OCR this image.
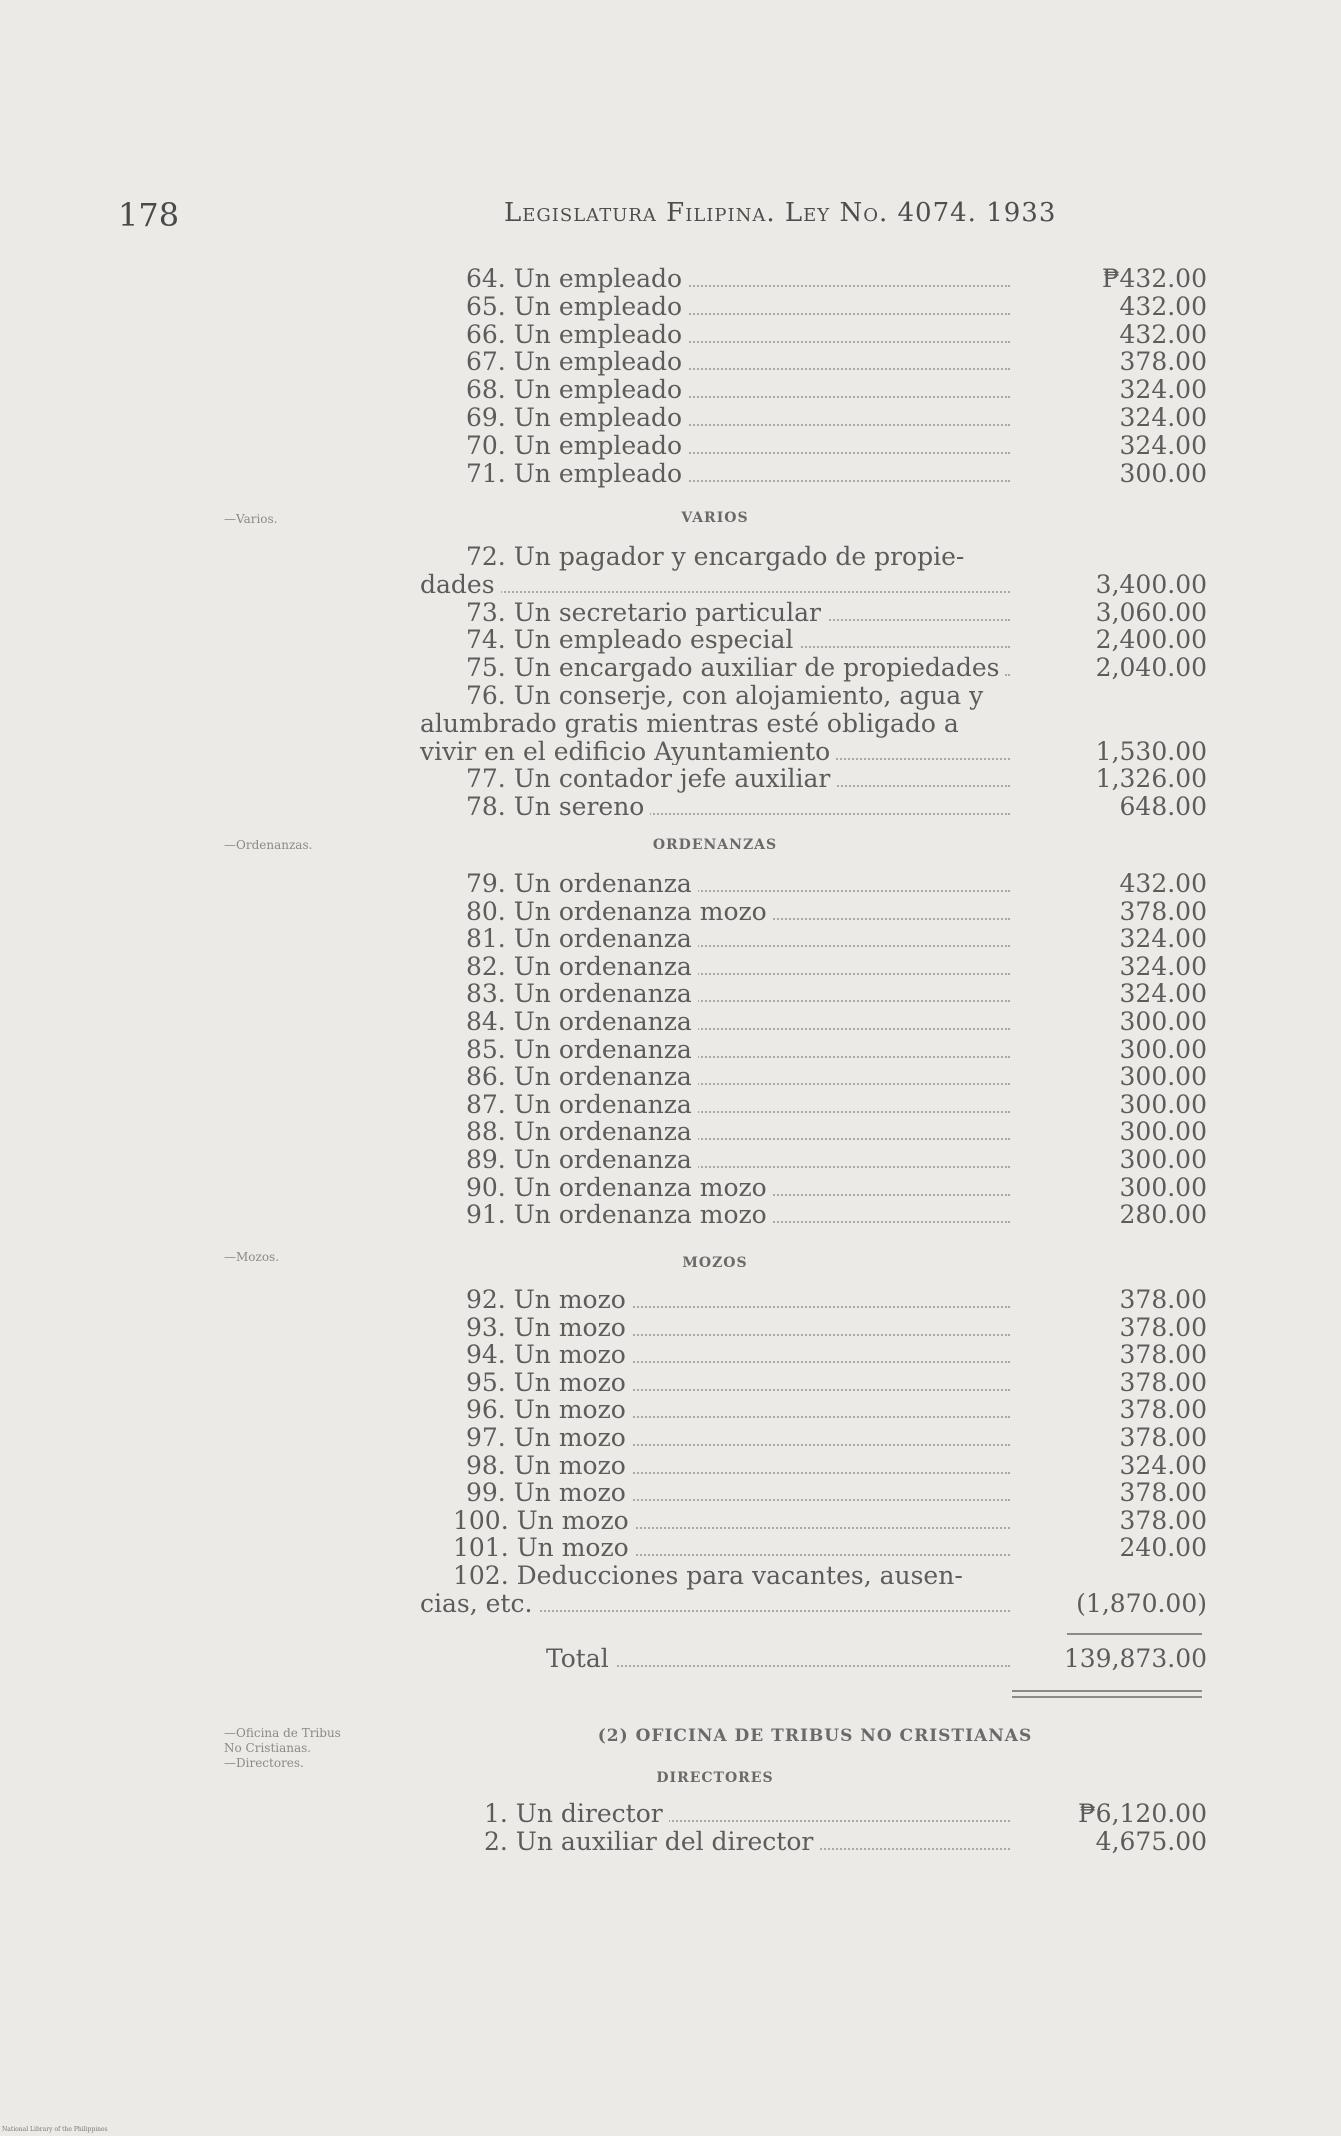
178	Legislatura Filipina. Ley No. 4074. 1933
64. Un empleado	₱432.00
65. Un empleado	432.00
66. Un empleado	432.00
67. Un empleado	378.00
68. Un empleado	324.00
69. Un empleado	324.00
70. Un empleado	324.00
71. Un empleado	300.00
—Varios.	VARIOS
72. Un pagador y encargado de propie-
dades	3,400.00
73. Un secretario particular	3,060.00
74. Un empleado especial	2,400.00
75. Un encargado auxiliar de propiedades	2,040.00
76. Un conserje, con alojamiento, agua y
alumbrado gratis mientras esté obligado a
vivir en el edificio Ayuntamiento	1,530.00
77. Un contador jefe auxiliar	1,326.00
78. Un sereno	648.00
—Ordenanzas.	ORDENANZAS
79. Un ordenanza	432.00
80. Un ordenanza mozo	378.00
81. Un ordenanza	324.00
82. Un ordenanza	324.00
83. Un ordenanza	324.00
84. Un ordenanza	300.00
85. Un ordenanza	300.00
86. Un ordenanza	300.00
87. Un ordenanza	300.00
88. Un ordenanza	300.00
89. Un ordenanza	300.00
90. Un ordenanza mozo	300.00
91. Un ordenanza mozo	280.00
—Mozos.	MOZOS
92. Un mozo	378.00
93. Un mozo	378.00
94. Un mozo	378.00
95. Un mozo	378.00
96. Un mozo	378.00
97. Un mozo	378.00
98. Un mozo	324.00
99. Un mozo	378.00
100. Un mozo	378.00
101. Un mozo	240.00
102. Deducciones para vacantes, ausen-
cias, etc.	(1,870.00)
Total	139,873.00
—Oficina de Tribus
No Cristianas.
—Directores.
(2) OFICINA DE TRIBUS NO CRISTIANAS
DIRECTORES
1. Un director	₱6,120.00
2. Un auxiliar del director	4,675.00
National Library of the Philippines
